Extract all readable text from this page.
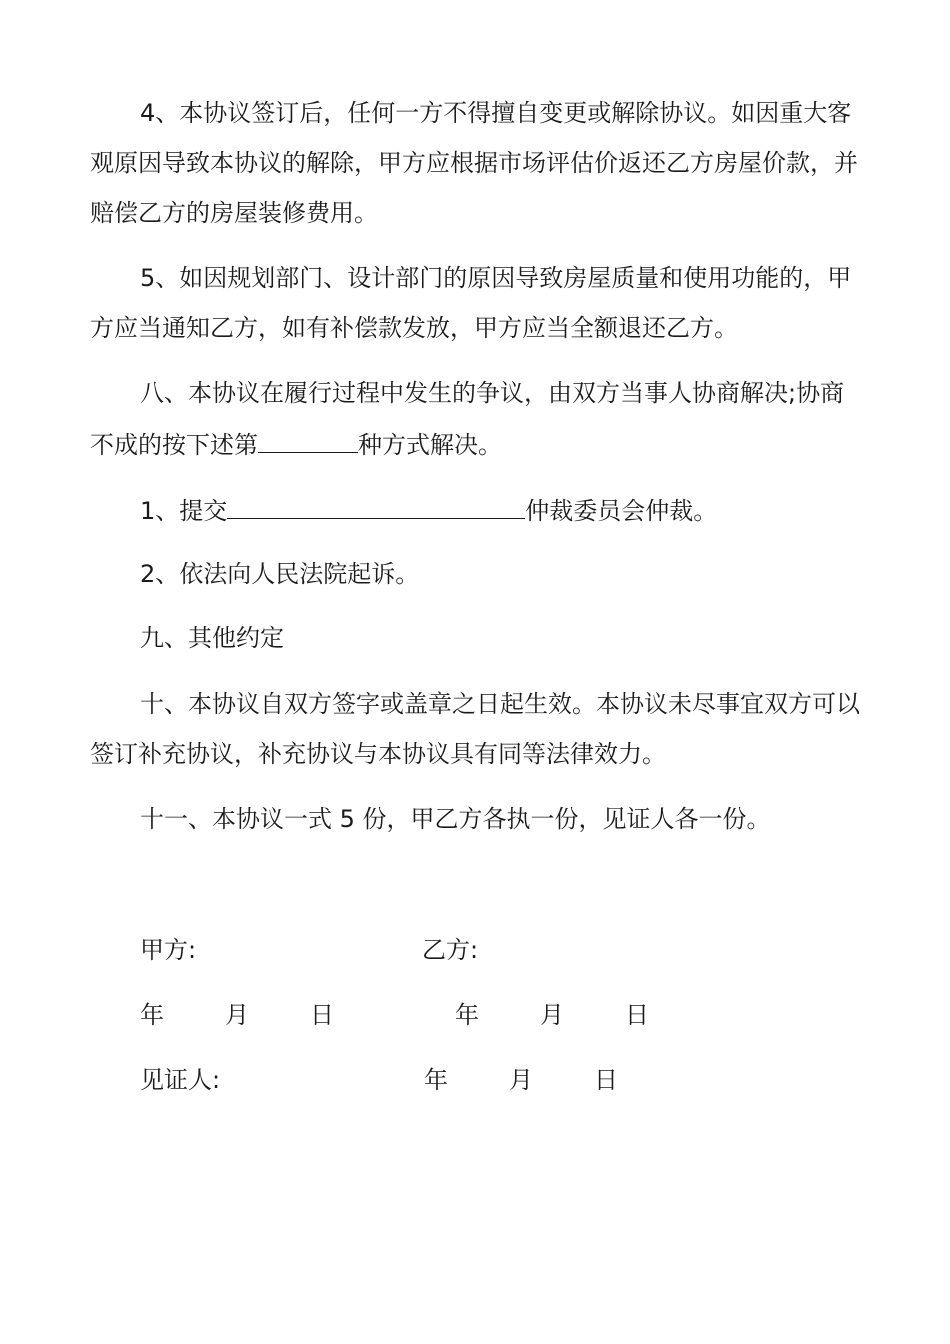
4、本协议签订后，任何一方不得擅自变更或解除协议。如因重大客观原因导致本协议的解除，甲方应根据市场评估价返还乙方房屋价款，并赔偿乙方的房屋装修费用。

5、如因规划部门、设计部门的原因导致房屋质量和使用功能的，甲方应当通知乙方，如有补偿款发放，甲方应当全额退还乙方。

八、本协议在履行过程中发生的争议，由双方当事人协商解决;协商不成的按下述第	种方式解决。

1、提交	仲裁委员会仲裁。

2、依法向人民法院起诉。

九、其他约定

十、本协议自双方签字或盖章之日起生效。本协议未尽事宜双方可以签订补充协议，补充协议与本协议具有同等法律效力。

十一、本协议一式 5 份，甲乙方各执一份，见证人各一份。

甲方:	乙方:
年        月        日	年        月        日
见证人:	年        月        日
